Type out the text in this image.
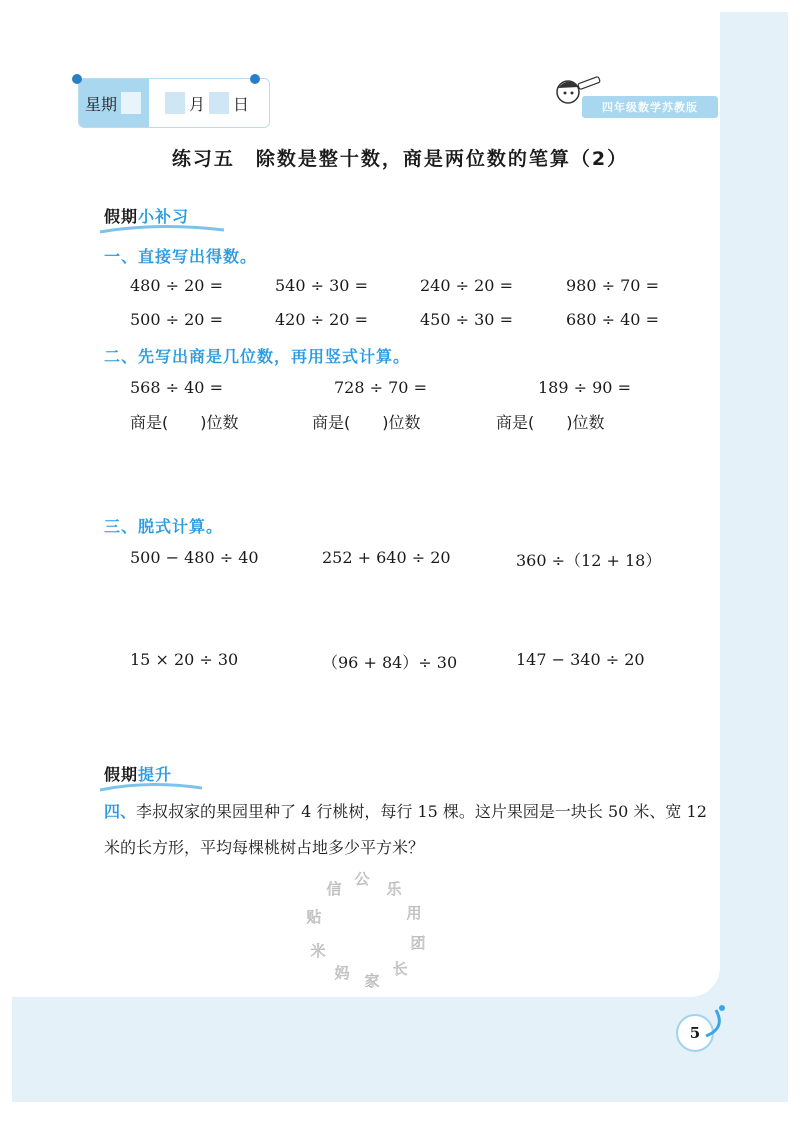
星期	月 日	四年级数学苏教版
练习五　除数是整十数，商是两位数的笔算（2）
假期小补习
一、直接写出得数。
480 ÷ 20 =	540 ÷ 30 =	240 ÷ 20 =	980 ÷ 70 =
500 ÷ 20 =	420 ÷ 20 =	450 ÷ 30 =	680 ÷ 40 =
二、先写出商是几位数，再用竖式计算。
568 ÷ 40 =	728 ÷ 70 =	189 ÷ 90 =
商是(　　)位数	商是(　　)位数	商是(　　)位数
三、脱式计算。
500 − 480 ÷ 40	252 + 640 ÷ 20	360 ÷（12 + 18）
15 × 20 ÷ 30	（96 + 84）÷ 30	147 − 340 ÷ 20
假期提升
四、李叔叔家的果园里种了 4 行桃树，每行 15 棵。这片果园是一块长 50 米、宽 12 米的长方形，平均每棵桃树占地多少平方米？
公
乐
用
团
长
家
妈
米
贴
信
5
